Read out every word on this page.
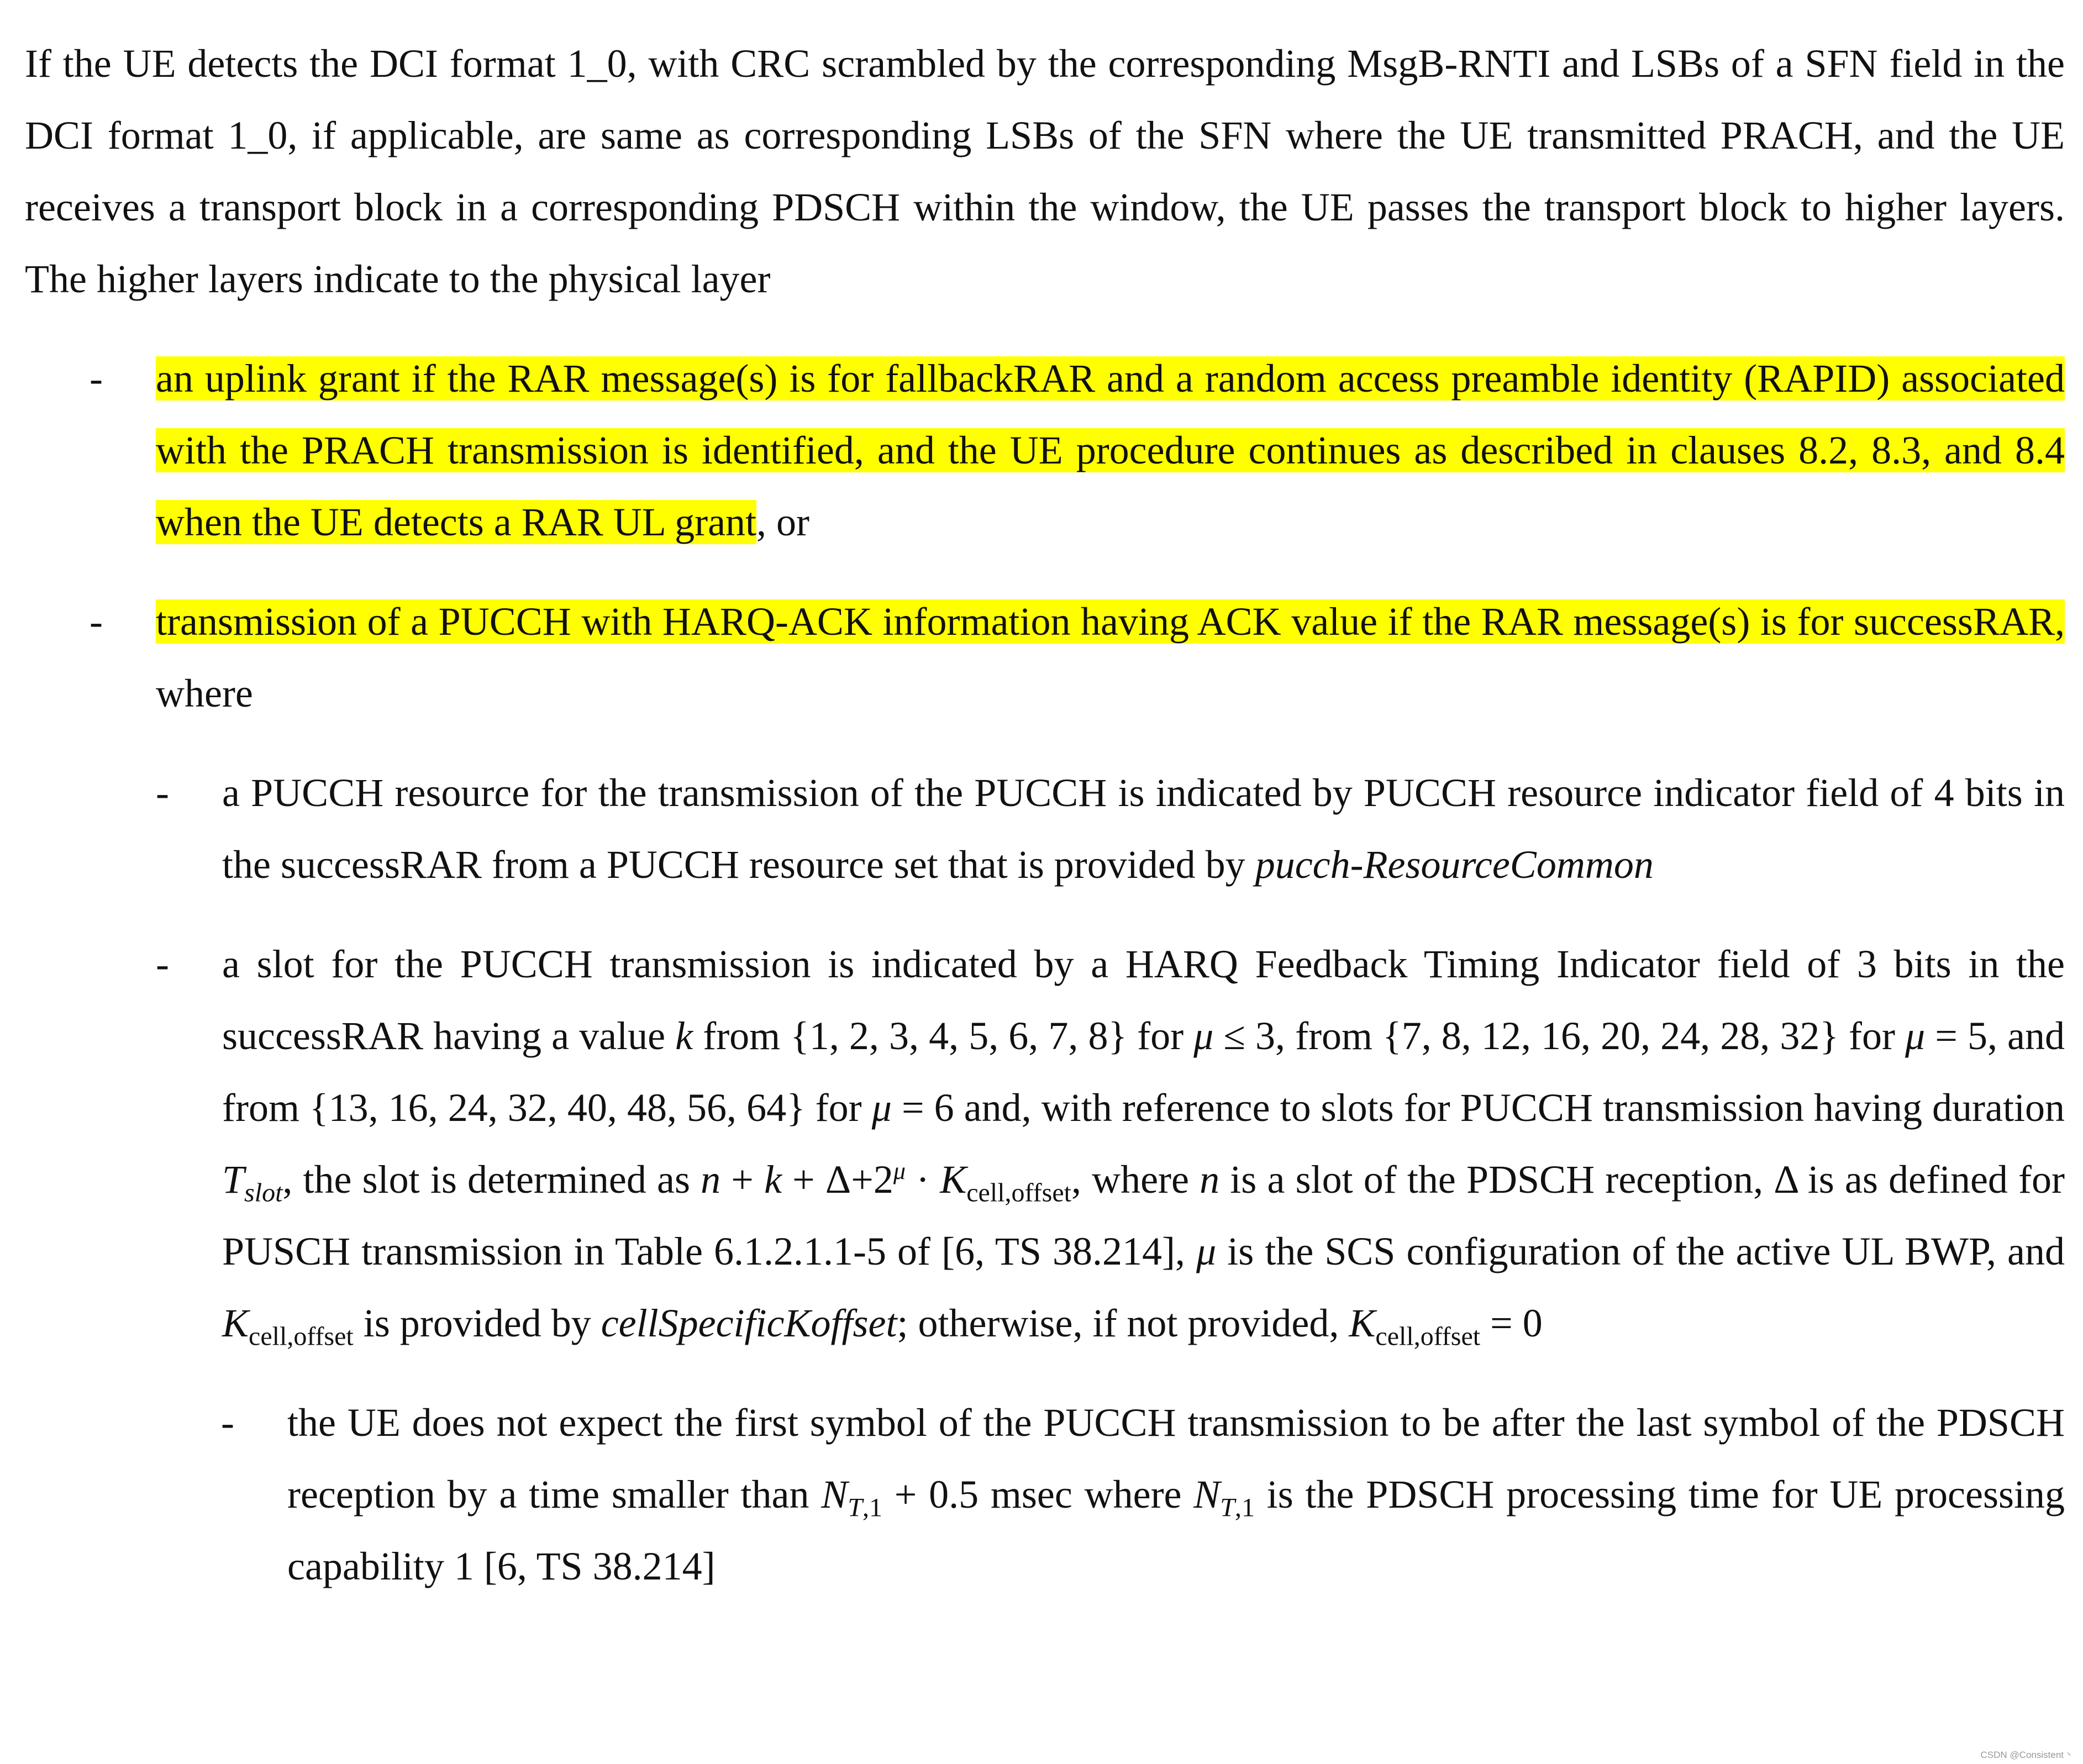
If the UE detects the DCI format 1_0, with CRC scrambled by the corresponding MsgB-RNTI and LSBs of a SFN field in the DCI format 1_0, if applicable, are same as corresponding LSBs of the SFN where the UE transmitted PRACH, and the UE receives a transport block in a corresponding PDSCH within the window, the UE passes the transport block to higher layers. The higher layers indicate to the physical layer

- an uplink grant if the RAR message(s) is for fallbackRAR and a random access preamble identity (RAPID) associated with the PRACH transmission is identified, and the UE procedure continues as described in clauses 8.2, 8.3, and 8.4 when the UE detects a RAR UL grant, or

- transmission of a PUCCH with HARQ-ACK information having ACK value if the RAR message(s) is for successRAR, where

- a PUCCH resource for the transmission of the PUCCH is indicated by PUCCH resource indicator field of 4 bits in the successRAR from a PUCCH resource set that is provided by pucch-ResourceCommon

- a slot for the PUCCH transmission is indicated by a HARQ Feedback Timing Indicator field of 3 bits in the successRAR having a value k from {1, 2, 3, 4, 5, 6, 7, 8} for μ ≤ 3, from {7, 8, 12, 16, 20, 24, 28, 32} for μ = 5, and from {13, 16, 24, 32, 40, 48, 56, 64} for μ = 6 and, with reference to slots for PUCCH transmission having duration $T_{slot}$, the slot is determined as $n + k + \Delta+2^\mu \cdot K_{cell,offset}$, where n is a slot of the PDSCH reception, Δ is as defined for PUSCH transmission in Table 6.1.2.1.1-5 of [6, TS 38.214], μ is the SCS configuration of the active UL BWP, and $K_{cell,offset}$ is provided by cellSpecificKoffset; otherwise, if not provided, $K_{cell,offset} = 0$

- the UE does not expect the first symbol of the PUCCH transmission to be after the last symbol of the PDSCH reception by a time smaller than $N_{T,1} + 0.5$ msec where $N_{T,1}$ is the PDSCH processing time for UE processing capability 1 [6, TS 38.214]

CSDN @Consistent丶
